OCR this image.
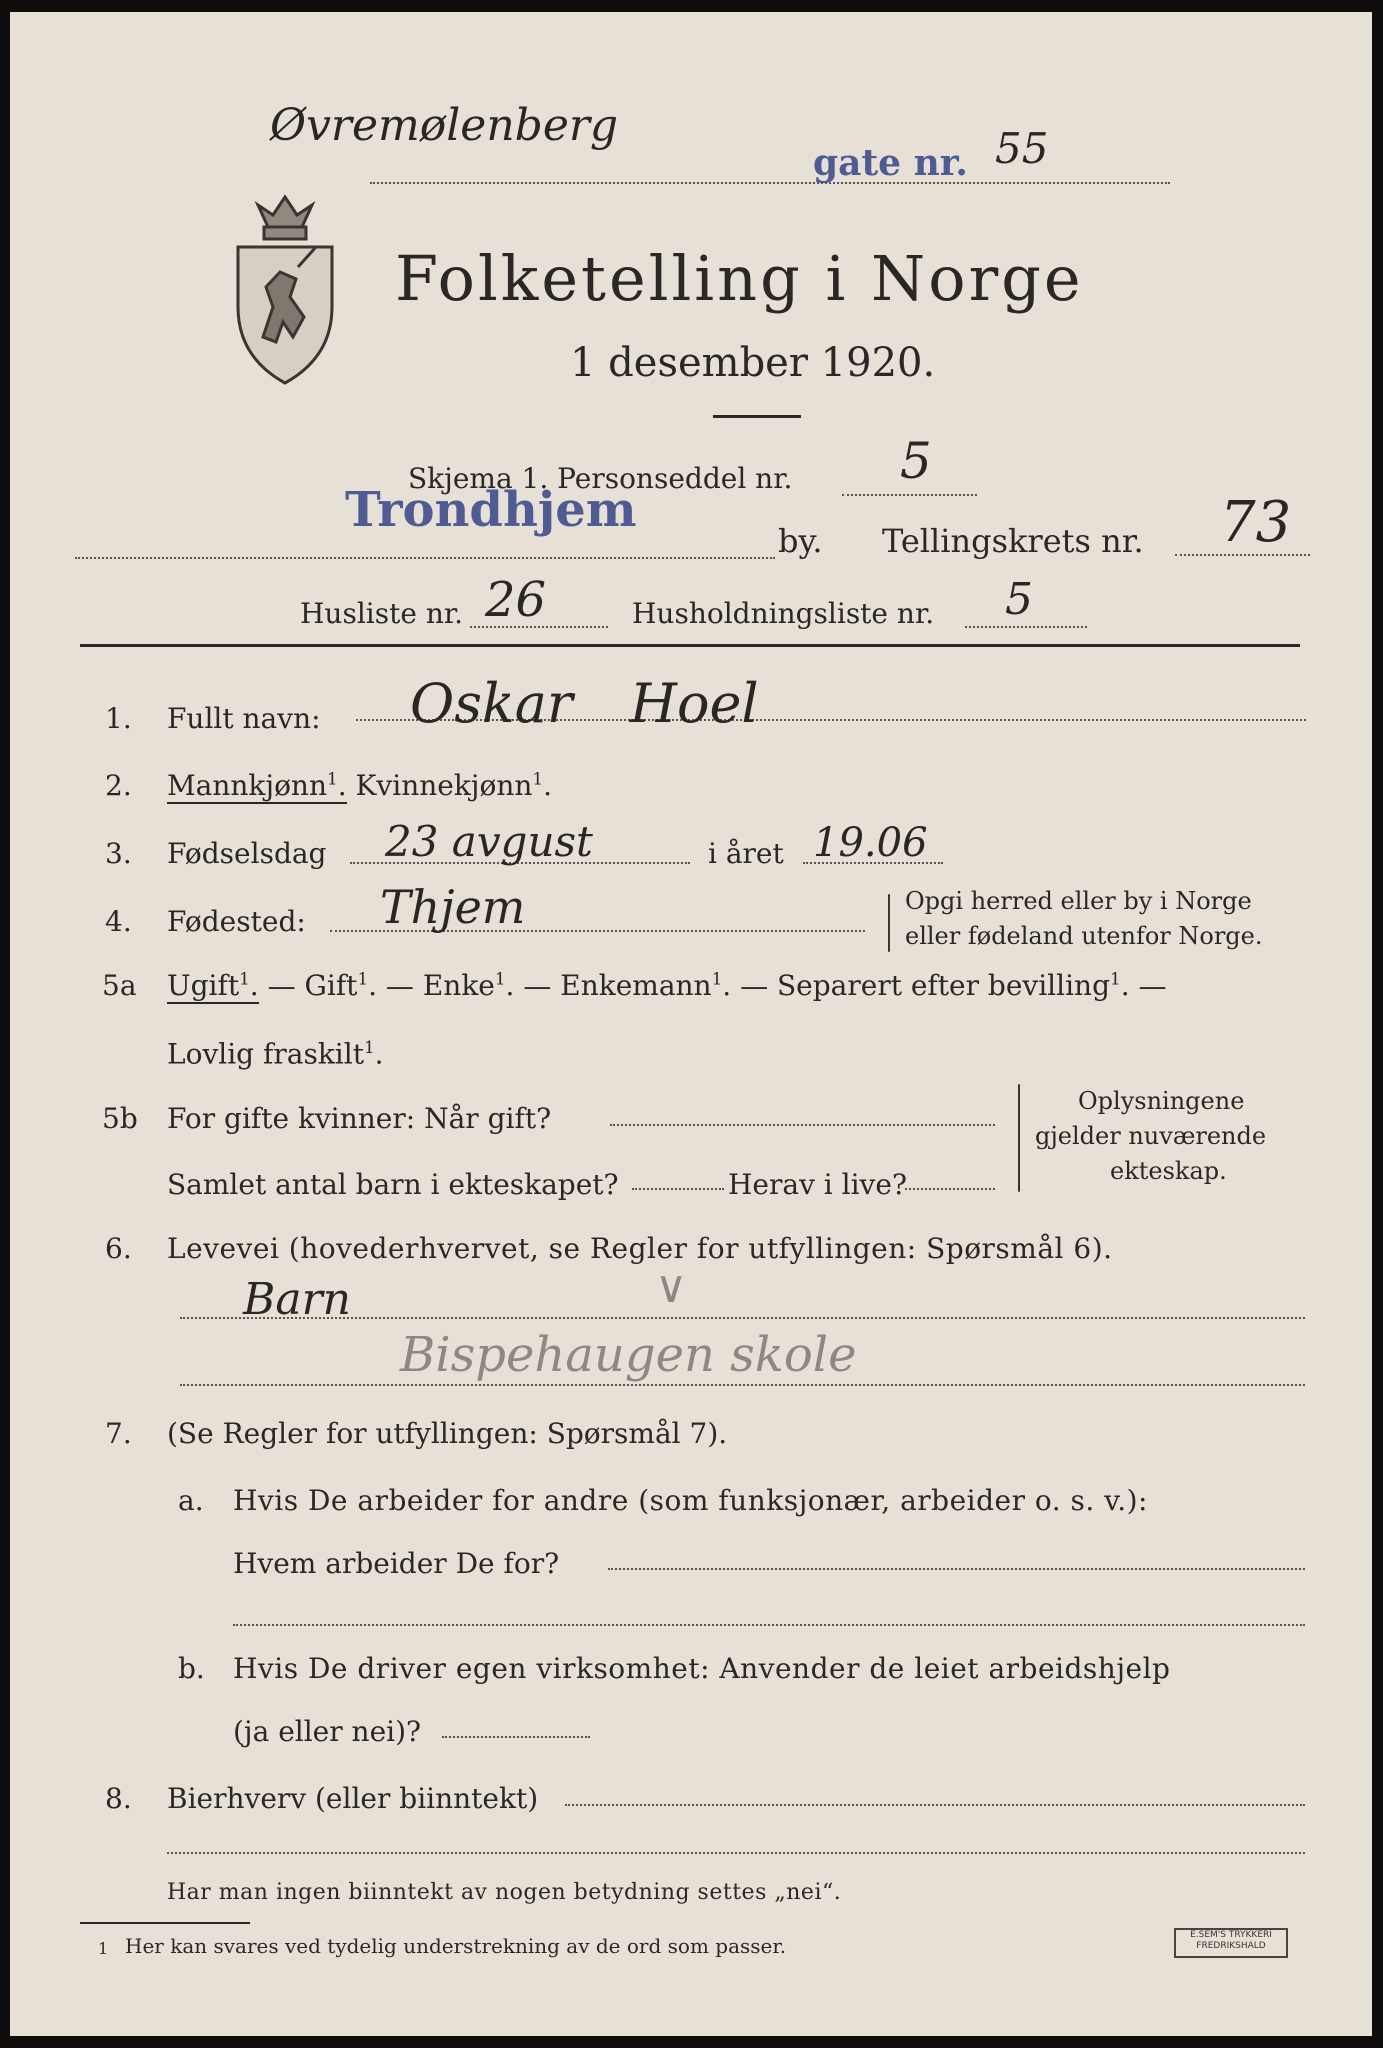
Øvremølenberg
gate nr. 55
Folketelling i Norge
1 desember 1920.
Skjema 1. Personseddel nr. 5
Trondhjem
by. Tellingskrets nr. 73
Husliste nr. 26	Husholdningsliste nr. 5
1. Fullt navn: Oskar Hoel
2. Mannkjønn$^1$. Kvinnekjønn$^1$.
3. Fødselsdag 23 avgust	i året 19.06
4. Fødested: Thjem	Opgi herred eller by i Norge
eller fødeland utenfor Norge.
5a Ugift$^1$. — Gift$^1$. — Enke$^1$. — Enkemann$^1$. — Separert efter bevilling$^1$. —
Lovlig fraskilt$^1$.
5b For gifte kvinner: Når gift?
Samlet antal barn i ekteskapet?	Herav i live?
Oplysningene
gjelder nuværende
ekteskap.
6. Levevei (hovederhvervet, se Regler for utfyllingen: Spørsmål 6).
Barn	∨
Bispehaugen skole
7. (Se Regler for utfyllingen: Spørsmål 7).
a. Hvis De arbeider for andre (som funksjonær, arbeider o. s. v.):
Hvem arbeider De for?
b. Hvis De driver egen virksomhet: Anvender de leiet arbeidshjelp
(ja eller nei)?
8. Bierhverv (eller biinntekt)
Har man ingen biinntekt av nogen betydning settes „nei“.
1 Her kan svares ved tydelig understrekning av de ord som passer.	E.SEM'S TRYKKERI
FREDRIKSHALD
